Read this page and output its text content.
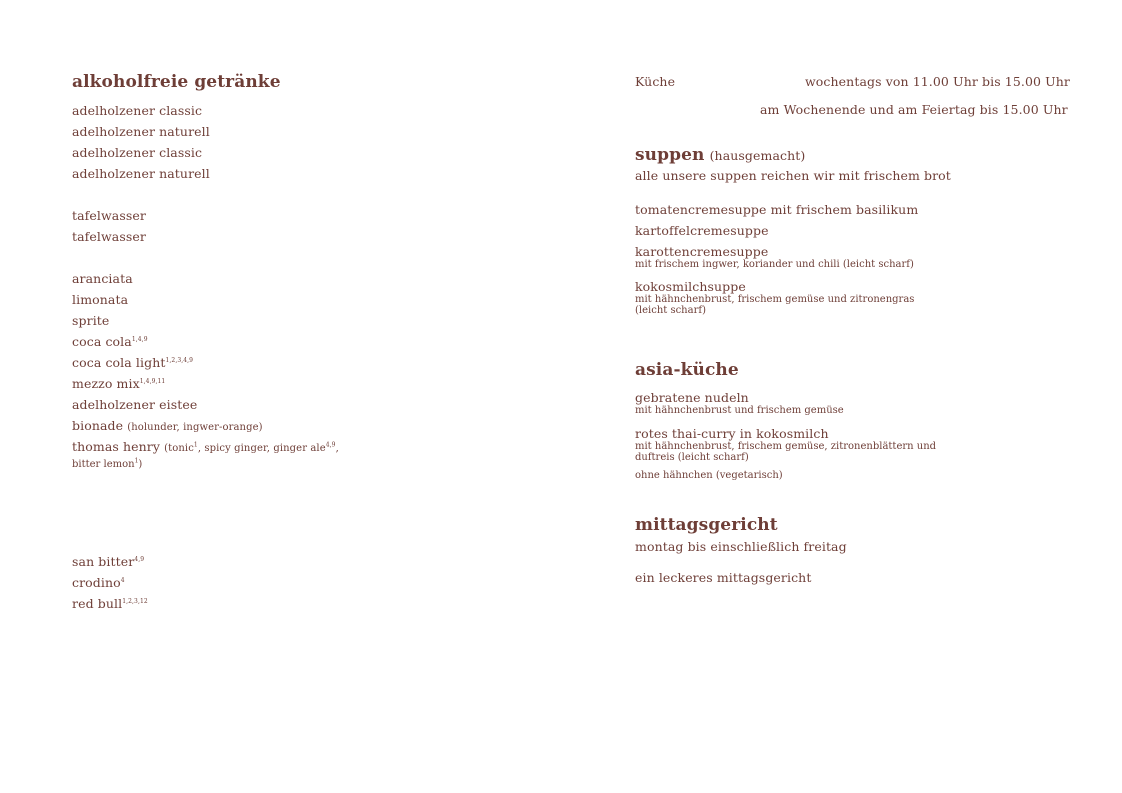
alkoholfreie getränke
adelholzener classic
adelholzener naturell
adelholzener classic
adelholzener naturell
tafelwasser
tafelwasser
aranciata
limonata
sprite
coca cola$^{1,4,9}$
coca cola light$^{1,2,3,4,9}$
mezzo mix$^{1,4,9,11}$
adelholzener eistee
bionade (holunder, ingwer-orange)
thomas henry (tonic$^1$, spicy ginger, ginger ale$^{4,9}$,
bitter lemon$^1$)
san bitter$^{4,9}$
crodino$^4$
red bull$^{1,2,3,12}$
Küche	wochentags von 11.00 Uhr bis 15.00 Uhr
am Wochenende und am Feiertag bis 15.00 Uhr
suppen (hausgemacht)
alle unsere suppen reichen wir mit frischem brot
tomatencremesuppe mit frischem basilikum
kartoffelcremesuppe
karottencremesuppe
mit frischem ingwer, koriander und chili (leicht scharf)
kokosmilchsuppe
mit hähnchenbrust, frischem gemüse und zitronengras
(leicht scharf)
asia-küche
gebratene nudeln
mit hähnchenbrust und frischem gemüse
rotes thai-curry in kokosmilch
mit hähnchenbrust, frischem gemüse, zitronenblättern und
duftreis (leicht scharf)
ohne hähnchen (vegetarisch)
mittagsgericht
montag bis einschließlich freitag
ein leckeres mittagsgericht
